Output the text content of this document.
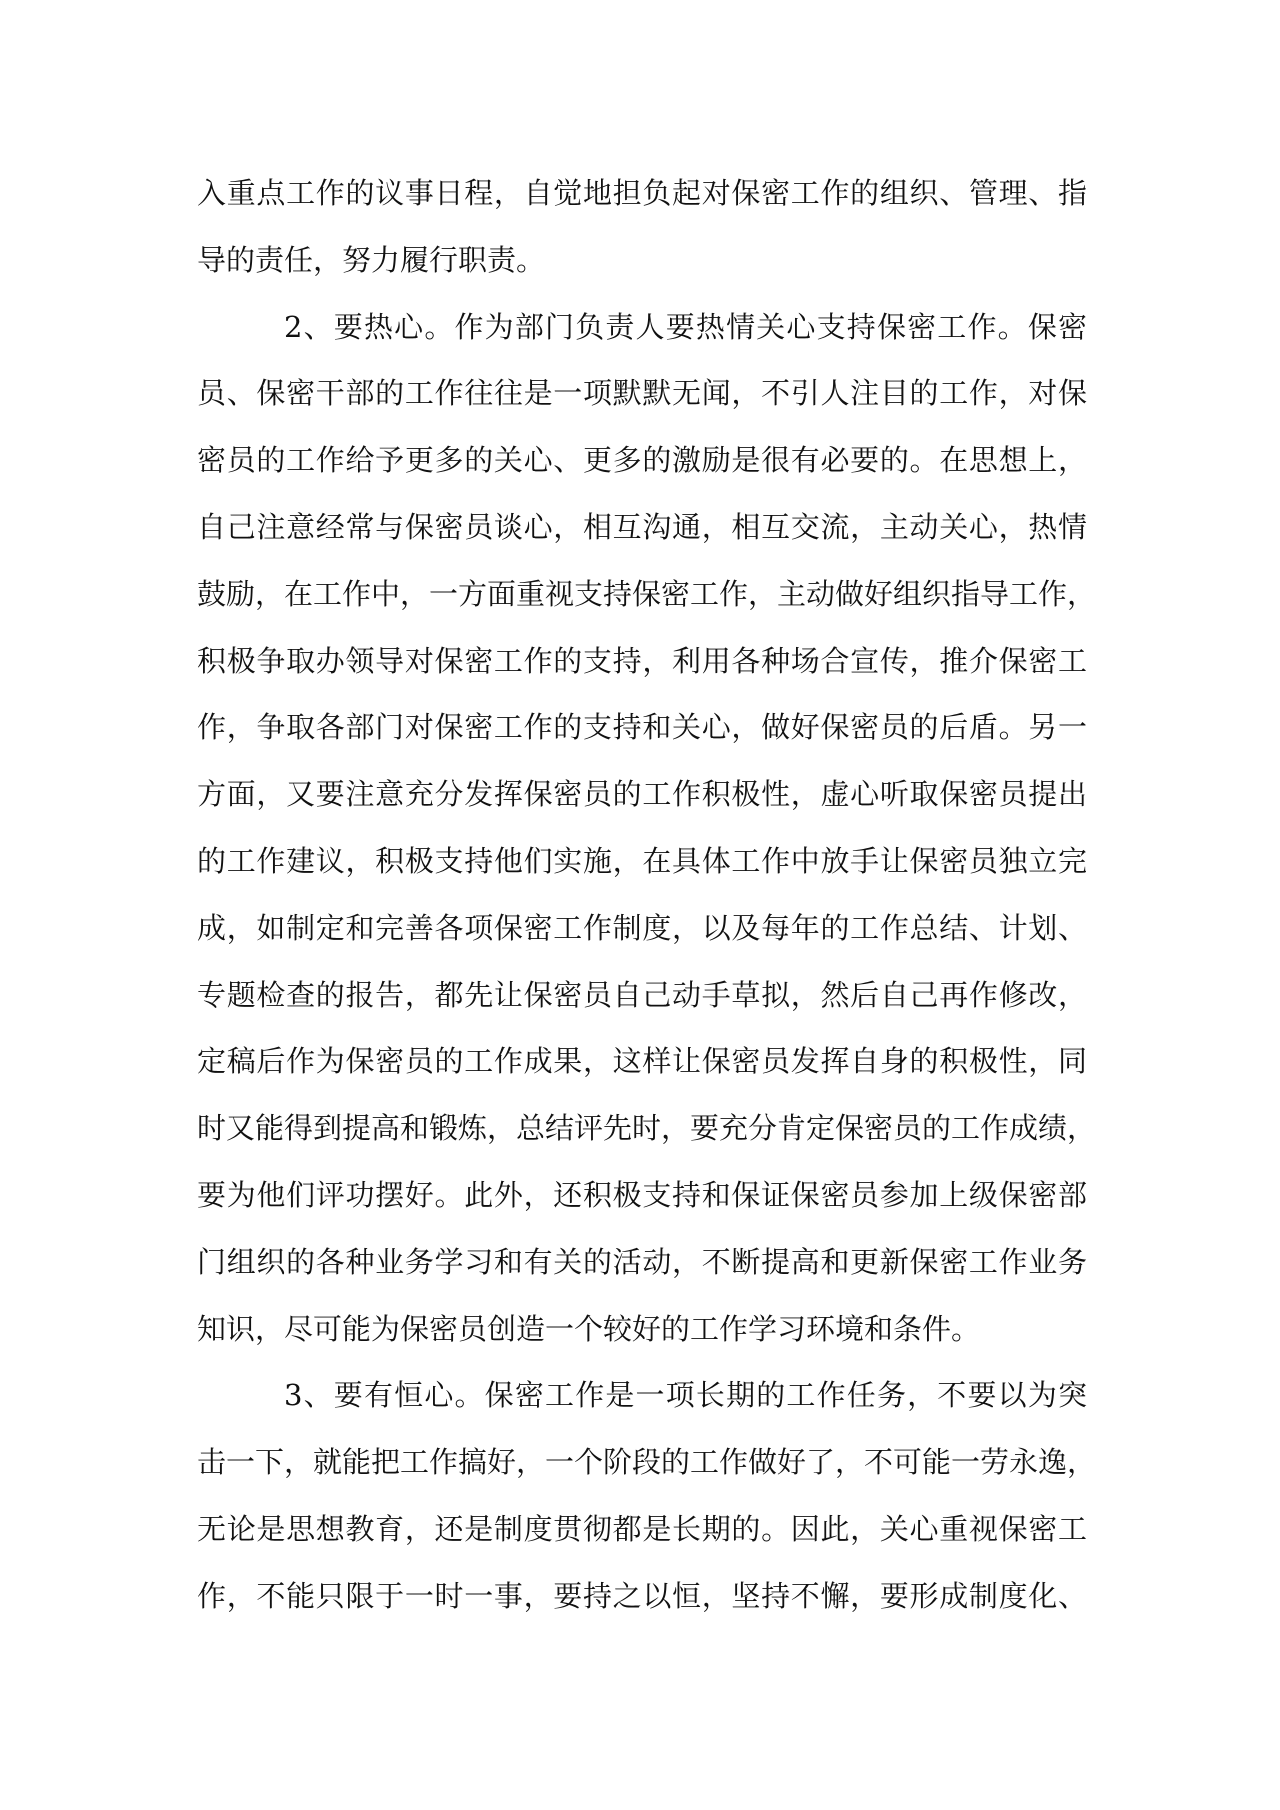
入重点工作的议事日程，自觉地担负起对保密工作的组织、管理、指
导的责任，努力履行职责。
2、要热心。作为部门负责人要热情关心支持保密工作。保密
员、保密干部的工作往往是一项默默无闻，不引人注目的工作，对保
密员的工作给予更多的关心、更多的激励是很有必要的。在思想上，
自己注意经常与保密员谈心，相互沟通，相互交流，主动关心，热情
鼓励，在工作中，一方面重视支持保密工作，主动做好组织指导工作，
积极争取办领导对保密工作的支持，利用各种场合宣传，推介保密工
作，争取各部门对保密工作的支持和关心，做好保密员的后盾。另一
方面，又要注意充分发挥保密员的工作积极性，虚心听取保密员提出
的工作建议，积极支持他们实施，在具体工作中放手让保密员独立完
成，如制定和完善各项保密工作制度，以及每年的工作总结、计划、
专题检查的报告，都先让保密员自己动手草拟，然后自己再作修改，
定稿后作为保密员的工作成果，这样让保密员发挥自身的积极性，同
时又能得到提高和锻炼，总结评先时，要充分肯定保密员的工作成绩，
要为他们评功摆好。此外，还积极支持和保证保密员参加上级保密部
门组织的各种业务学习和有关的活动，不断提高和更新保密工作业务
知识，尽可能为保密员创造一个较好的工作学习环境和条件。
3、要有恒心。保密工作是一项长期的工作任务，不要以为突
击一下，就能把工作搞好，一个阶段的工作做好了，不可能一劳永逸，
无论是思想教育，还是制度贯彻都是长期的。因此，关心重视保密工
作，不能只限于一时一事，要持之以恒，坚持不懈，要形成制度化、
